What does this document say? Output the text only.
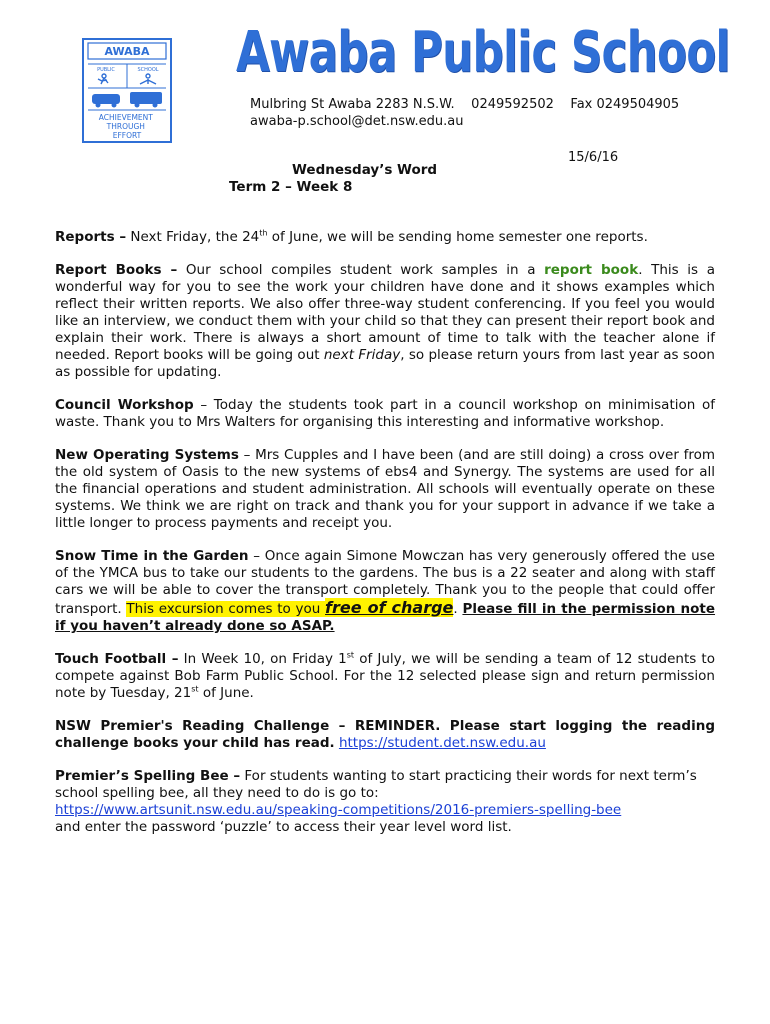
AWABA
PUBLIC	SCHOOL
ACHIEVEMENT THROUGH EFFORT
Awaba Public School
Mulbring St Awaba 2283 N.S.W.    0249592502    Fax 0249504905
awaba-p.school@det.nsw.edu.au
15/6/16
Wednesday’s Word
Term 2 – Week 8

Reports – Next Friday, the 24th of June, we will be sending home semester one reports.

Report Books – Our school compiles student work samples in a report book. This is a wonderful way for you to see the work your children have done and it shows examples which reflect their written reports. We also offer three-way student conferencing. If you feel you would like an interview, we conduct them with your child so that they can present their report book and explain their work. There is always a short amount of time to talk with the teacher alone if needed. Report books will be going out next Friday, so please return yours from last year as soon as possible for updating.

Council Workshop – Today the students took part in a council workshop on minimisation of waste. Thank you to Mrs Walters for organising this interesting and informative workshop.

New Operating Systems – Mrs Cupples and I have been (and are still doing) a cross over from the old system of Oasis to the new systems of ebs4 and Synergy. The systems are used for all the financial operations and student administration. All schools will eventually operate on these systems. We think we are right on track and thank you for your support in advance if we take a little longer to process payments and receipt you.

Snow Time in the Garden – Once again Simone Mowczan has very generously offered the use of the YMCA bus to take our students to the gardens. The bus is a 22 seater and along with staff cars we will be able to cover the transport completely. Thank you to the people that could offer transport. This excursion comes to you free of charge. Please fill in the permission note if you haven’t already done so ASAP.

Touch Football – In Week 10, on Friday 1st of July, we will be sending a team of 12 students to compete against Bob Farm Public School. For the 12 selected please sign and return permission note by Tuesday, 21st of June.

NSW Premier's Reading Challenge – REMINDER. Please start logging the reading challenge books your child has read. https://student.det.nsw.edu.au

Premier’s Spelling Bee – For students wanting to start practicing their words for next term’s school spelling bee, all they need to do is go to:
https://www.artsunit.nsw.edu.au/speaking-competitions/2016-premiers-spelling-bee
and enter the password ‘puzzle’ to access their year level word list.
